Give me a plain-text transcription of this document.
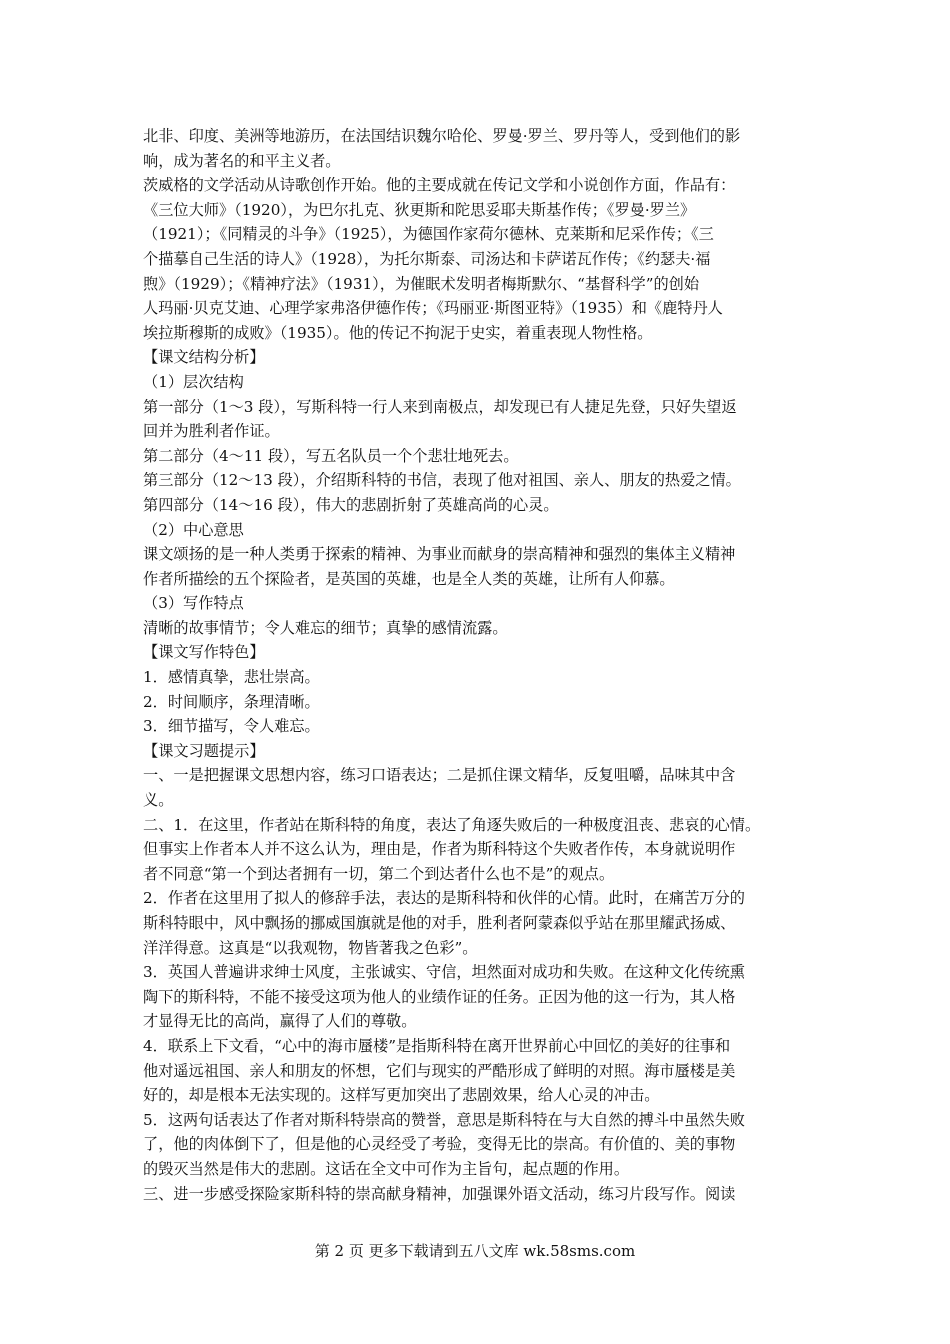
北非、印度、美洲等地游历，在法国结识魏尔哈伦、罗曼·罗兰、罗丹等人，受到他们的影
响，成为著名的和平主义者。
茨威格的文学活动从诗歌创作开始。他的主要成就在传记文学和小说创作方面，作品有：
《三位大师》（1920），为巴尔扎克、狄更斯和陀思妥耶夫斯基作传；《罗曼·罗兰》
（1921）；《同精灵的斗争》（1925），为德国作家荷尔德林、克莱斯和尼采作传；《三
个描摹自己生活的诗人》（1928），为托尔斯泰、司汤达和卡萨诺瓦作传；《约瑟夫·福
煦》（1929）；《精神疗法》（1931），为催眠术发明者梅斯默尔、“基督科学”的创始
人玛丽·贝克艾迪、心理学家弗洛伊德作传；《玛丽亚·斯图亚特》（1935）和《鹿特丹人
埃拉斯穆斯的成败》（1935）。他的传记不拘泥于史实，着重表现人物性格。
【课文结构分析】
（1）层次结构
第一部分（1～3 段），写斯科特一行人来到南极点，却发现已有人捷足先登，只好失望返
回并为胜利者作证。
第二部分（4～11 段），写五名队员一个个悲壮地死去。
第三部分（12～13 段），介绍斯科特的书信，表现了他对祖国、亲人、朋友的热爱之情。
第四部分（14～16 段），伟大的悲剧折射了英雄高尚的心灵。
（2）中心意思
课文颂扬的是一种人类勇于探索的精神、为事业而献身的崇高精神和强烈的集体主义精神
作者所描绘的五个探险者，是英国的英雄，也是全人类的英雄，让所有人仰慕。
（3）写作特点
清晰的故事情节；令人难忘的细节；真挚的感情流露。
【课文写作特色】
1．感情真挚，悲壮崇高。
2．时间顺序，条理清晰。
3．细节描写，令人难忘。
【课文习题提示】
一、一是把握课文思想内容，练习口语表达；二是抓住课文精华，反复咀嚼，品味其中含
义。
二、1．在这里，作者站在斯科特的角度，表达了角逐失败后的一种极度沮丧、悲哀的心情。
但事实上作者本人并不这么认为，理由是，作者为斯科特这个失败者作传，本身就说明作
者不同意“第一个到达者拥有一切，第二个到达者什么也不是”的观点。
2．作者在这里用了拟人的修辞手法，表达的是斯科特和伙伴的心情。此时，在痛苦万分的
斯科特眼中，风中飘扬的挪威国旗就是他的对手，胜利者阿蒙森似乎站在那里耀武扬威、
洋洋得意。这真是“以我观物，物皆著我之色彩”。
3．英国人普遍讲求绅士风度，主张诚实、守信，坦然面对成功和失败。在这种文化传统熏
陶下的斯科特，不能不接受这项为他人的业绩作证的任务。正因为他的这一行为，其人格
才显得无比的高尚，赢得了人们的尊敬。
4．联系上下文看，“心中的海市蜃楼”是指斯科特在离开世界前心中回忆的美好的往事和
他对遥远祖国、亲人和朋友的怀想，它们与现实的严酷形成了鲜明的对照。海市蜃楼是美
好的，却是根本无法实现的。这样写更加突出了悲剧效果，给人心灵的冲击。
5．这两句话表达了作者对斯科特崇高的赞誉，意思是斯科特在与大自然的搏斗中虽然失败
了，他的肉体倒下了，但是他的心灵经受了考验，变得无比的崇高。有价值的、美的事物
的毁灭当然是伟大的悲剧。这话在全文中可作为主旨句，起点题的作用。
三、进一步感受探险家斯科特的崇高献身精神，加强课外语文活动，练习片段写作。阅读
第 2 页 更多下载请到五八文库 wk.58sms.com
